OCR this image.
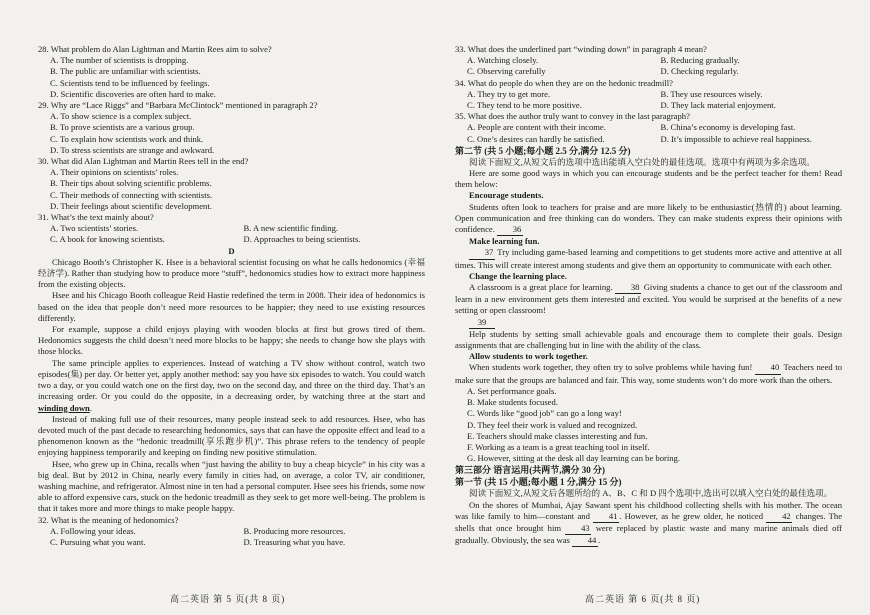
28. What problem do Alan Lightman and Martin Rees aim to solve?
A. The number of scientists is dropping.
B. The public are unfamiliar with scientists.
C. Scientists tend to be influenced by feelings.
D. Scientific discoveries are often hard to make.
29. Why are “Lace Riggs” and “Barbara McClintock” mentioned in paragraph 2?
A. To show science is a complex subject.
B. To prove scientists are a various group.
C. To explain how scientists work and think.
D. To stress scientists are strange and awkward.
30. What did Alan Lightman and Martin Rees tell in the end?
A. Their opinions on scientists’ roles.
B. Their tips about solving scientific problems.
C. Their methods of connecting with scientists.
D. Their feelings about scientific development.
31. What’s the text mainly about?
A. Two scientists’ stories.	B. A new scientific finding.
C. A book for knowing scientists.	D. Approaches to being scientists.
D
Chicago Booth’s Christopher K. Hsee is a behavioral scientist focusing on what he calls hedonomics (幸福经济学). Rather than studying how to produce more “stuff”, hedonomics studies how to extract more happiness from the existing objects.
Hsee and his Chicago Booth colleague Reid Hastie redefined the term in 2008. Their idea of hedonomics is based on the idea that people don’t need more resources to be happier; they need to use existing resources differently.
For example, suppose a child enjoys playing with wooden blocks at first but grows tired of them. Hedonomics suggests the child doesn’t need more blocks to be happy; she needs to change how she plays with those blocks.
The same principle applies to experiences. Instead of watching a TV show without control, watch two episodes(集) per day. Or better yet, apply another method: say you have six episodes to watch. You could watch two a day, or you could watch one on the first day, two on the second day, and three on the third day. That’s an increasing order. Or you could do the opposite, in a decreasing order, by watching three at the start and winding down.
Instead of making full use of their resources, many people instead seek to add resources. Hsee, who has devoted much of the past decade to researching hedonomics, says that can have the opposite effect and lead to a phenomenon known as the “hedonic treadmill(享乐跑步机)”. This phrase refers to the tendency of people enjoying happiness temporarily and keeping on finding new positive stimulation.
Hsee, who grew up in China, recalls when “just having the ability to buy a cheap bicycle” in his city was a big deal. But by 2012 in China, nearly every family in cities had, on average, a color TV, air conditioner, washing machine, and refrigerator. Almost nine in ten had a personal computer. Hsee sees his friends, some now able to afford expensive cars, stuck on the hedonic treadmill as they seek to get more well-being. The problem is that it takes more and more things to make people happy.
32. What is the meaning of hedonomics?
A. Following your ideas.	B. Producing more resources.
C. Pursuing what you want.	D. Treasuring what you have.
高二英语 第 5 页(共 8 页)
33. What does the underlined part “winding down” in paragraph 4 mean?
A. Watching closely.	B. Reducing gradually.
C. Observing carefully	D. Checking regularly.
34. What do people do when they are on the hedonic treadmill?
A. They try to get more.	B. They use resources wisely.
C. They tend to be more positive.	D. They lack material enjoyment.
35. What does the author truly want to convey in the last paragraph?
A. People are content with their income.	B. China’s economy is developing fast.
C. One’s desires can hardly be satisfied.	D. It’s impossible to achieve real happiness.
第二节 (共 5 小题;每小题 2.5 分,满分 12.5 分)
阅读下面短文,从短文后的选项中选出能填入空白处的最佳选项。选项中有两项为多余选项。
Here are some good ways in which you can encourage students and be the perfect teacher for them! Read them below:
Encourage students.
Students often look to teachers for praise and are more likely to be enthusiastic(热情的) about learning. Open communication and free thinking can do wonders. They can make students express their opinions with confidence. 36
Make learning fun.
37 Try including game-based learning and competitions to get students more active and attentive at all times. This will create interest among students and give them an opportunity to communicate with each other.
Change the learning place.
A classroom is a great place for learning. 38 Giving students a chance to get out of the classroom and learn in a new environment gets them interested and excited. You would be surprised at the benefits of a new setting or open classroom!
39
Help students by setting small achievable goals and encourage them to complete their goals. Design assignments that are challenging but in line with the ability of the class.
Allow students to work together.
When students work together, they often try to solve problems while having fun! 40 Teachers need to make sure that the groups are balanced and fair. This way, some students won’t do more work than the others.
A. Set performance goals.
B. Make students focused.
C. Words like “good job” can go a long way!
D. They feel their work is valued and recognized.
E. Teachers should make classes interesting and fun.
F. Working as a team is a great teaching tool in itself.
G. However, sitting at the desk all day learning can be boring.
第三部分 语言运用(共两节,满分 30 分)
第一节 (共 15 小题;每小题 1 分,满分 15 分)
阅读下面短文,从短文后各题所给的 A、B、C 和 D 四个选项中,选出可以填入空白处的最佳选项。
On the shores of Mumbai, Ajay Sawant spent his childhood collecting shells with his mother. The ocean was like family to him—constant and 41 . However, as he grew older, he noticed 42 changes. The shells that once brought him 43 were replaced by plastic waste and many marine animals died off gradually. Obviously, the sea was 44 .
高二英语 第 6 页(共 8 页)
